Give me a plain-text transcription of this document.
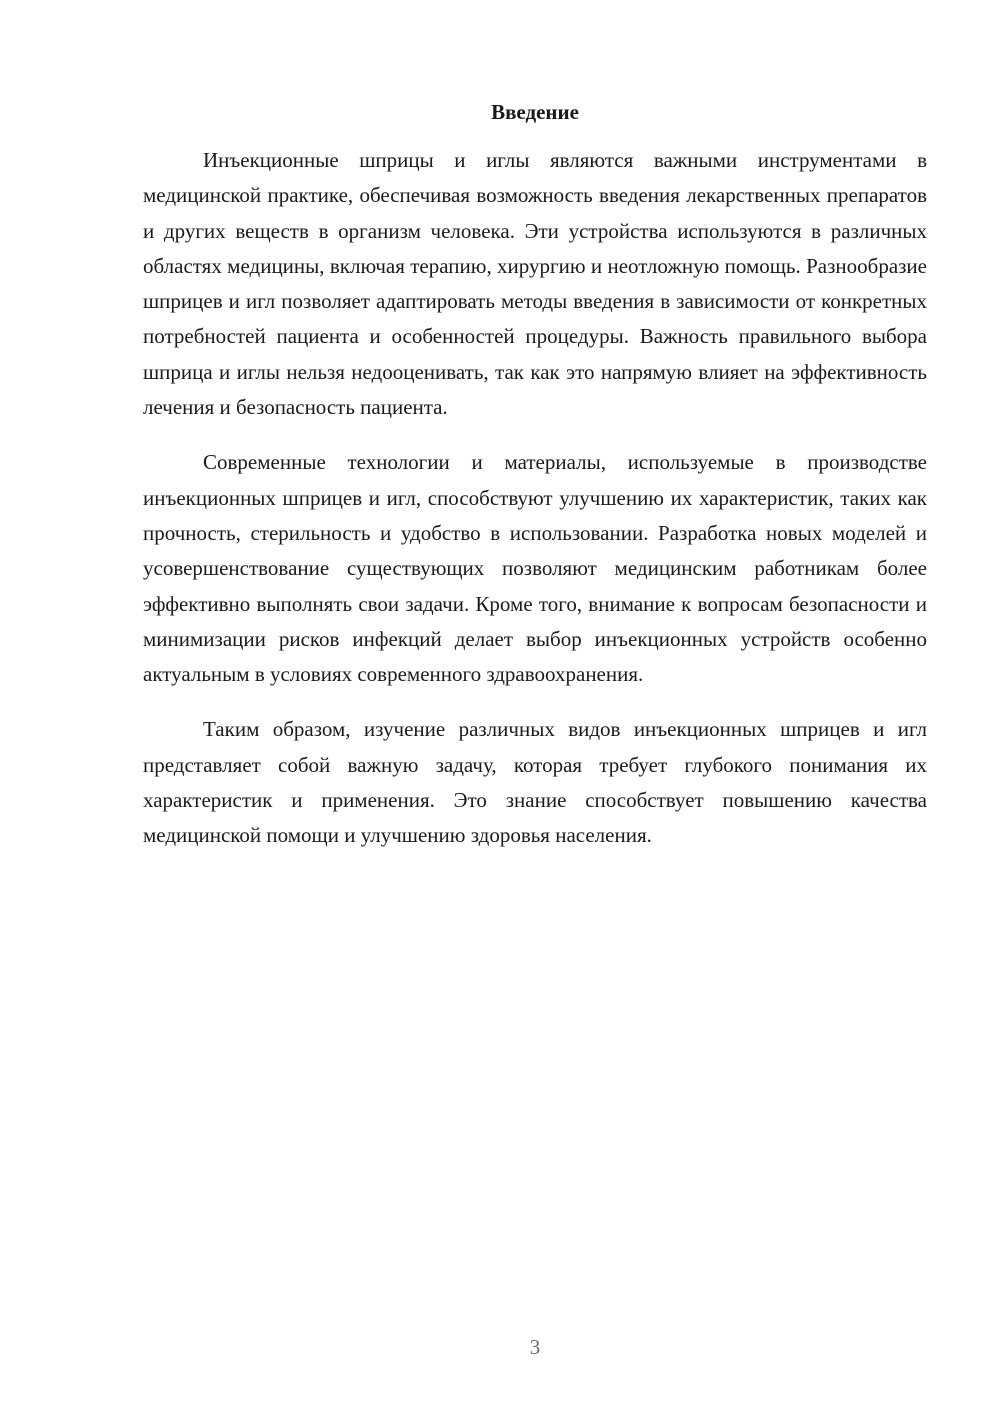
Введение

Инъекционные шприцы и иглы являются важными инструментами в медицинской практике, обеспечивая возможность введения лекарственных препаратов и других веществ в организм человека. Эти устройства используются в различных областях медицины, включая терапию, хирургию и неотложную помощь. Разнообразие шприцев и игл позволяет адаптировать методы введения в зависимости от конкретных потребностей пациента и особенностей процедуры. Важность правильного выбора шприца и иглы нельзя недооценивать, так как это напрямую влияет на эффективность лечения и безопасность пациента.

Современные технологии и материалы, используемые в производстве инъекционных шприцев и игл, способствуют улучшению их характеристик, таких как прочность, стерильность и удобство в использовании. Разработка новых моделей и усовершенствование существующих позволяют медицинским работникам более эффективно выполнять свои задачи. Кроме того, внимание к вопросам безопасности и минимизации рисков инфекций делает выбор инъекционных устройств особенно актуальным в условиях современного здравоохранения.

Таким образом, изучение различных видов инъекционных шприцев и игл представляет собой важную задачу, которая требует глубокого понимания их характеристик и применения. Это знание способствует повышению качества медицинской помощи и улучшению здоровья населения.

3
